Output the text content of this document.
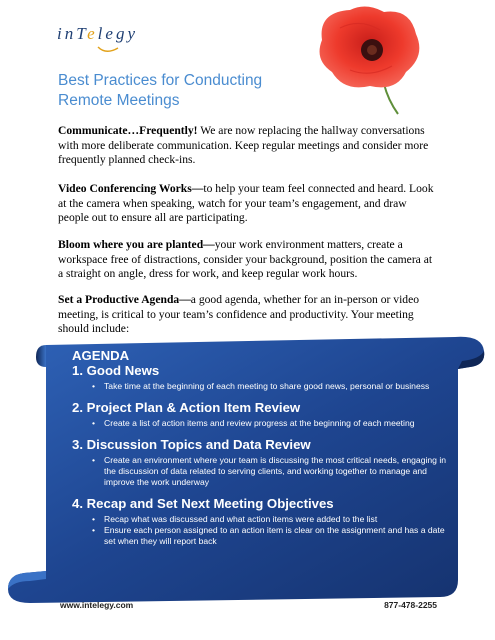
inTelegy
Best Practices for Conducting
Remote Meetings
Communicate…Frequently! We are now replacing the hallway conversations with more deliberate communication. Keep regular meetings and consider more frequently planned check-ins.
Video Conferencing Works—to help your team feel connected and heard. Look at the camera when speaking, watch for your team’s engagement, and draw people out to ensure all are participating.
Bloom where you are planted—your work environment matters, create a workspace free of distractions, consider your background, position the camera at a straight on angle, dress for work, and keep regular work hours.
Set a Productive Agenda—a good agenda, whether for an in-person or video meeting, is critical to your team’s confidence and productivity. Your meeting should include:
AGENDA
1. Good News
• Take time at the beginning of each meeting to share good news, personal or business
2. Project Plan & Action Item Review
• Create a list of action items and review progress at the beginning of each meeting
3. Discussion Topics and Data Review
• Create an environment where your team is discussing the most critical needs, engaging in the discussion of data related to serving clients, and working together to manage and improve the work underway
4. Recap and Set Next Meeting Objectives
• Recap what was discussed and what action items were added to the list
• Ensure each person assigned to an action item is clear on the assignment and has a date set when they will report back
www.intelegy.com	877-478-2255
